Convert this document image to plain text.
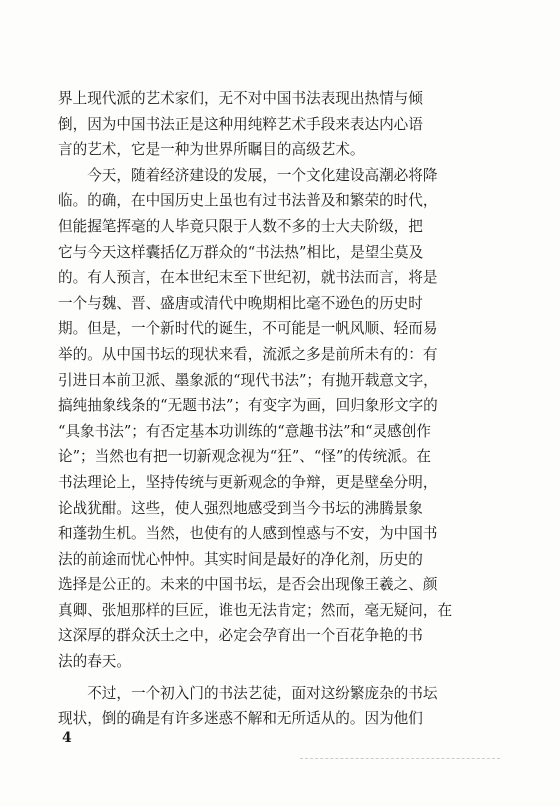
界上现代派的艺术家们，无不对中国书法表现出热情与倾
倒，因为中国书法正是这种用纯粹艺术手段来表达内心语
言的艺术，它是一种为世界所瞩目的高级艺术。
　　今天，随着经济建设的发展，一个文化建设高潮必将降
临。的确，在中国历史上虽也有过书法普及和繁荣的时代，
但能握笔挥毫的人毕竟只限于人数不多的士大夫阶级，把
它与今天这样囊括亿万群众的“书法热”相比，是望尘莫及
的。有人预言，在本世纪末至下世纪初，就书法而言，将是
一个与魏、晋、盛唐或清代中晚期相比毫不逊色的历史时
期。但是，一个新时代的诞生，不可能是一帆风顺、轻而易
举的。从中国书坛的现状来看，流派之多是前所未有的：有
引进日本前卫派、墨象派的“现代书法”；有抛开载意文字，
搞纯抽象线条的“无题书法”；有变字为画，回归象形文字的
“具象书法”；有否定基本功训练的“意趣书法”和“灵感创作
论”；当然也有把一切新观念视为“狂”、“怪”的传统派。在
书法理论上，坚持传统与更新观念的争辩，更是壁垒分明，
论战犹酣。这些，使人强烈地感受到当今书坛的沸腾景象
和蓬勃生机。当然，也使有的人感到惶惑与不安，为中国书
法的前途而忧心忡忡。其实时间是最好的净化剂，历史的
选择是公正的。未来的中国书坛，是否会出现像王羲之、颜
真卿、张旭那样的巨匠，谁也无法肯定；然而，毫无疑问，在
这深厚的群众沃土之中，必定会孕育出一个百花争艳的书
法的春天。
　　不过，一个初入门的书法艺徒，面对这纷繁庞杂的书坛
现状，倒的确是有许多迷惑不解和无所适从的。因为他们
4
